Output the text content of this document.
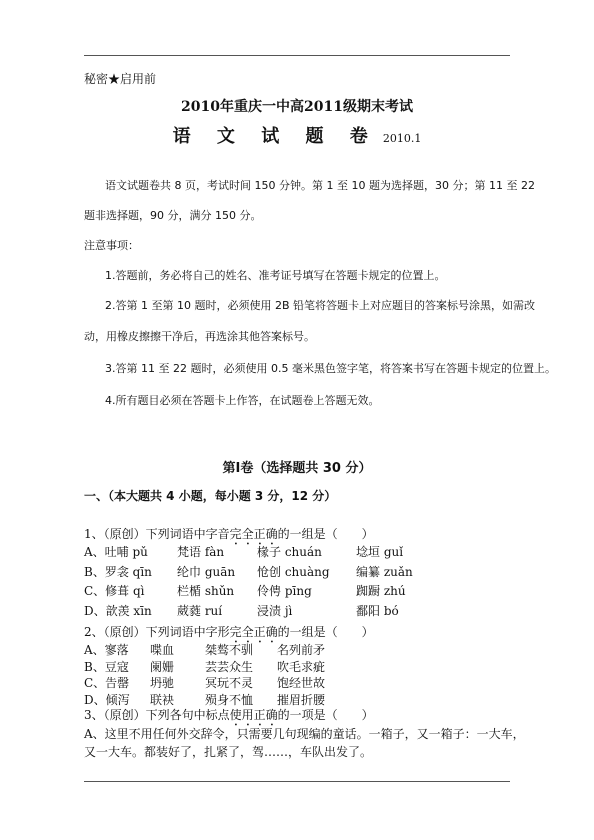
秘密★启用前
2010年重庆一中高2011级期末考试
语 文 试 题 卷 2010.1
语文试题卷共 8 页，考试时间 150 分钟。第 1 至 10 题为选择题，30 分；第 11 至 22
题非选择题，90 分，满分 150 分。
注意事项：
1.答题前，务必将自己的姓名、准考证号填写在答题卡规定的位置上。
2.答第 1 至第 10 题时，必须使用 2B 铅笔将答题卡上对应题目的答案标号涂黑，如需改
动，用橡皮擦擦干净后，再选涂其他答案标号。
3.答第 11 至 22 题时，必须使用 0.5 毫米黑色签字笔，将答案书写在答题卡规定的位置上。
4.所有题目必须在答题卡上作答，在试题卷上答题无效。
第Ⅰ卷（选择题共 30 分）
一、（本大题共 4 小题，每小题 3 分，12 分）
1、（原创）下列词语中字音完全正确的一组是（　　）
A、吐哺 pǔ 梵语 fàn	椽子 chuán	埝垣 guǐ
B、罗衾 qīn 纶巾 guān 怆创 chuàng 编纂 zuǎn
C、修葺 qì	栏楯 shǔn 伶俜 pīng	踟蹰 zhú
D、歆羡 xīn 葳蕤 ruí	浸渍 jì	鄱阳 bó
2、（原创）下列词语中字形完全正确的一组是（　　）
A、寥落 喋血	桀骜不驯 名列前矛
B、豆寇 阑姗	芸芸众生 吹毛求疵
C、告罄 坍驰	冥玩不灵 饱经世故
D、倾泻 联袂	殒身不恤 摧眉折腰
3、（原创）下列各句中标点使用正确的一项是（　　）
A、这里不用任何外交辞令，只需要几句现编的童话。一箱子，又一箱子：一大车，
又一大车。都装好了，扎紧了，驾……，车队出发了。
